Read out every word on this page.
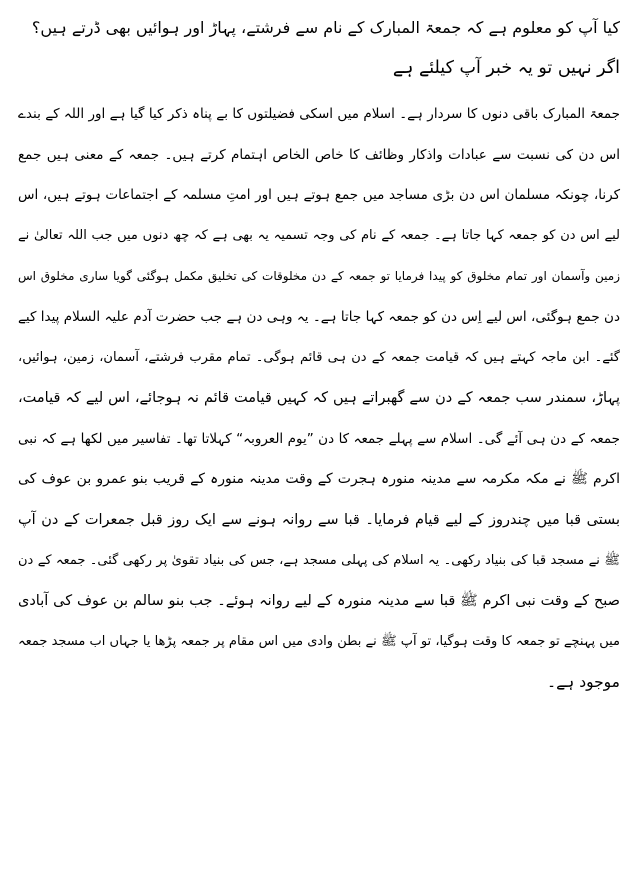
کیا آپ کو معلوم ہے کہ جمعۃ المبارک کے نام سے فرشتے، پہاڑ اور ہوائیں بھی ڈرتے ہیں؟
اگر نہیں تو یہ خبر آپ کیلئے ہے
جمعۃ المبارک باقی دنوں کا سردار ہے۔ اسلام میں اسکی فضیلتوں کا بے پناہ ذکر کیا گیا ہے اور اللہ کے بندے
اس دن کی نسبت سے عبادات واذکار وظائف کا خاص الخاص اہتمام کرتے ہیں۔ جمعہ کے معنی ہیں جمع
کرنا، چونکہ مسلمان اس دن بڑی مساجد میں جمع ہوتے ہیں اور امتِ مسلمہ کے اجتماعات ہوتے ہیں، اس
لیے اس دن کو جمعہ کہا جاتا ہے۔ جمعہ کے نام کی وجہ تسمیہ یہ بھی ہے کہ چھ دنوں میں جب اللہ تعالیٰ نے
زمین وآسمان اور تمام مخلوق کو پیدا فرمایا تو جمعہ کے دن مخلوقات کی تخلیق مکمل ہوگئی گویا ساری مخلوق اس
دن جمع ہوگئی، اس لیے اِس دن کو جمعہ کہا جاتا ہے۔ یہ وہی دن ہے جب حضرت آدم علیہ السلام پیدا کیے
گئے۔ ابن ماجہ کہتے ہیں کہ قیامت جمعہ کے دن ہی قائم ہوگی۔ تمام مقرب فرشتے، آسمان، زمین، ہوائیں،
پہاڑ، سمندر سب جمعہ کے دن سے گھبراتے ہیں کہ کہیں قیامت قائم نہ ہوجائے، اس لیے کہ قیامت،
جمعہ کے دن ہی آئے گی۔ اسلام سے پہلے جمعہ کا دن ”یوم العروبہ“ کہلاتا تھا۔ تفاسیر میں لکھا ہے کہ نبی
اکرم ﷺ نے مکہ مکرمہ سے مدینہ منورہ ہجرت کے وقت مدینہ منورہ کے قریب بنو عمرو بن عوف کی
بستی قبا میں چندروز کے لیے قیام فرمایا۔ قبا سے روانہ ہونے سے ایک روز قبل جمعرات کے دن آپ
ﷺ نے مسجد قبا کی بنیاد رکھی۔ یہ اسلام کی پہلی مسجد ہے، جس کی بنیاد تقویٰ پر رکھی گئی۔ جمعہ کے دن
صبح کے وقت نبی اکرم ﷺ قبا سے مدینہ منورہ کے لیے روانہ ہوئے۔ جب بنو سالم بن عوف کی آبادی
میں پہنچے تو جمعہ کا وقت ہوگیا، تو آپ ﷺ نے بطن وادی میں اس مقام پر جمعہ پڑھا یا جہاں اب مسجد جمعہ
موجود ہے۔
